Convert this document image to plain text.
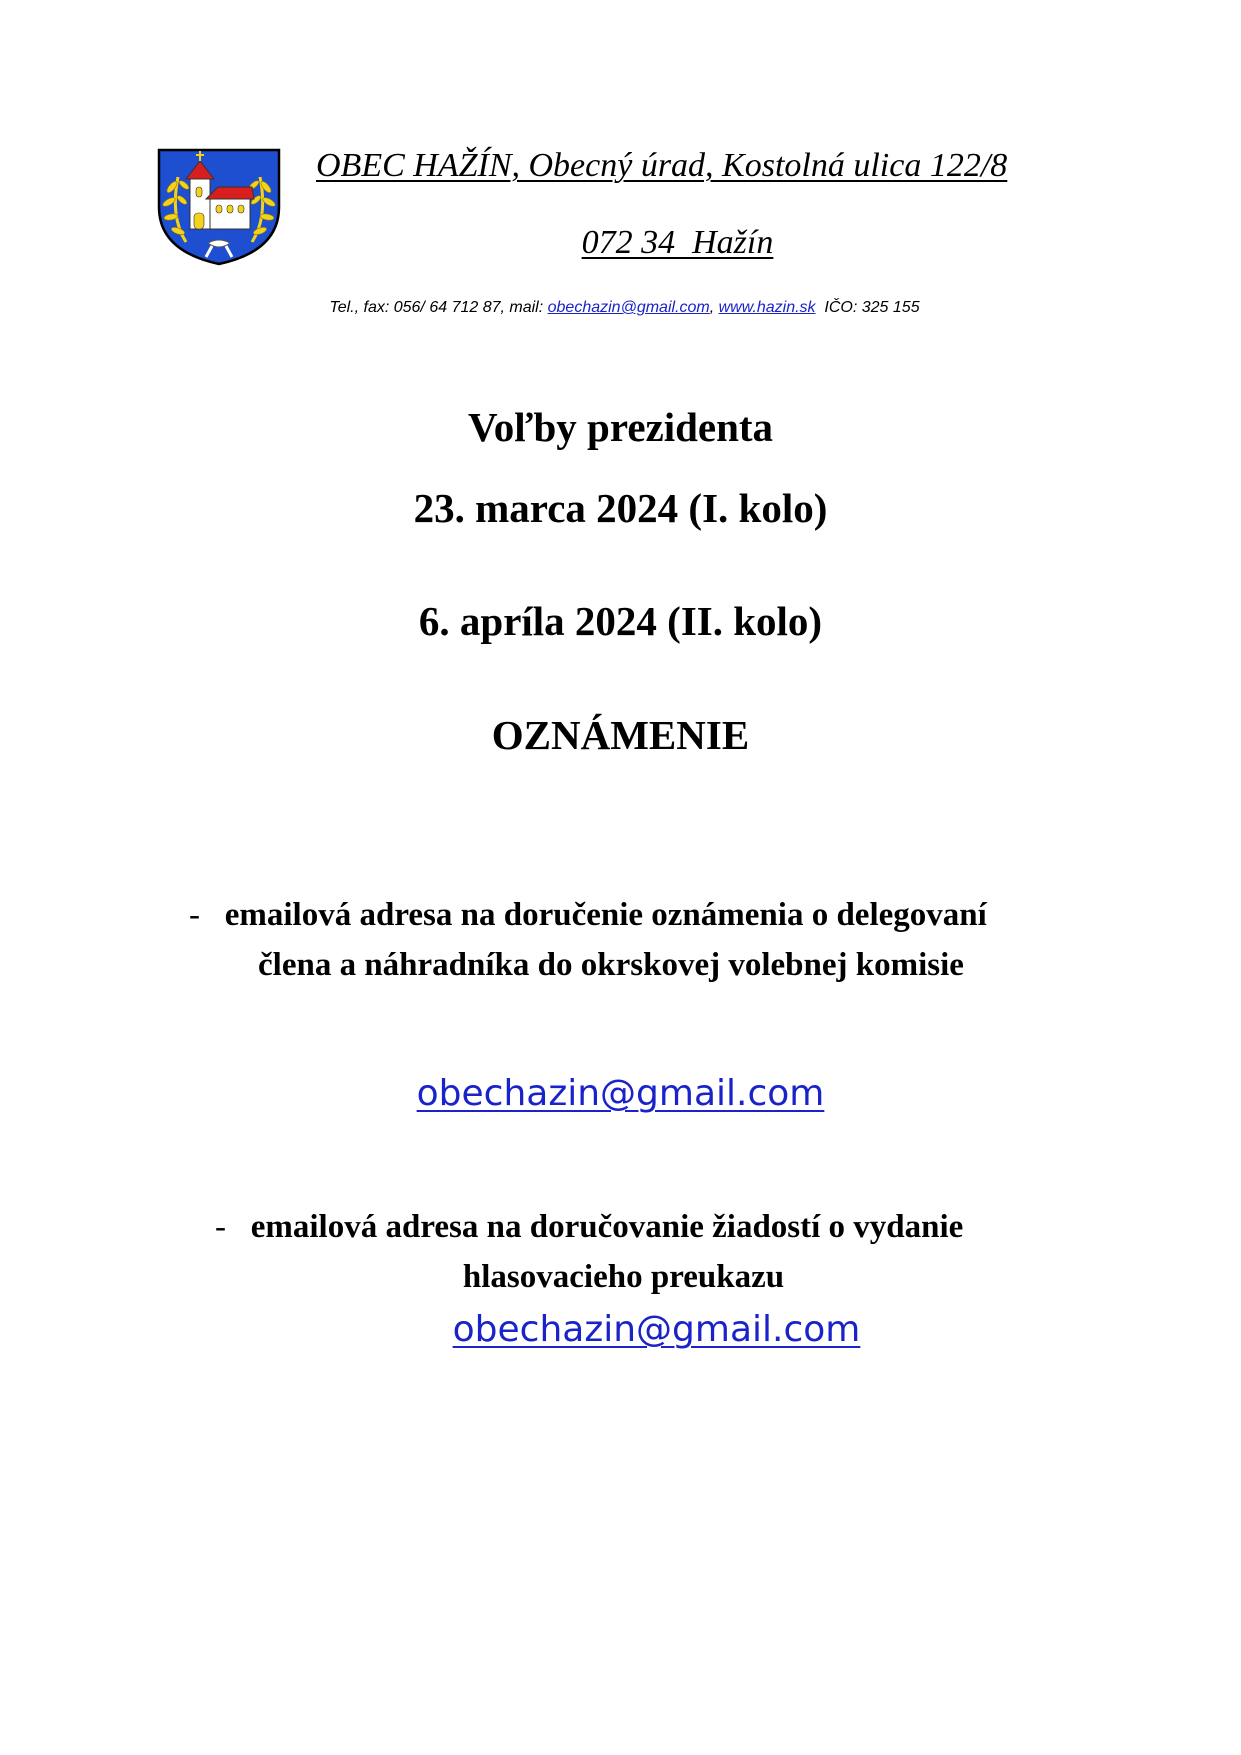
OBEC HAŽÍN, Obecný úrad, Kostolná ulica 122/8
072 34  Hažín
Tel., fax: 056/ 64 712 87, mail: obechazin@gmail.com, www.hazin.sk  IČO: 325 155
Voľby prezidenta
23. marca 2024 (I. kolo)
6. apríla 2024 (II. kolo)
OZNÁMENIE
- emailová adresa na doručenie oznámenia o delegovaní
člena a náhradníka do okrskovej volebnej komisie
obechazin@gmail.com
- emailová adresa na doručovanie žiadostí o vydanie
hlasovacieho preukazu
obechazin@gmail.com
